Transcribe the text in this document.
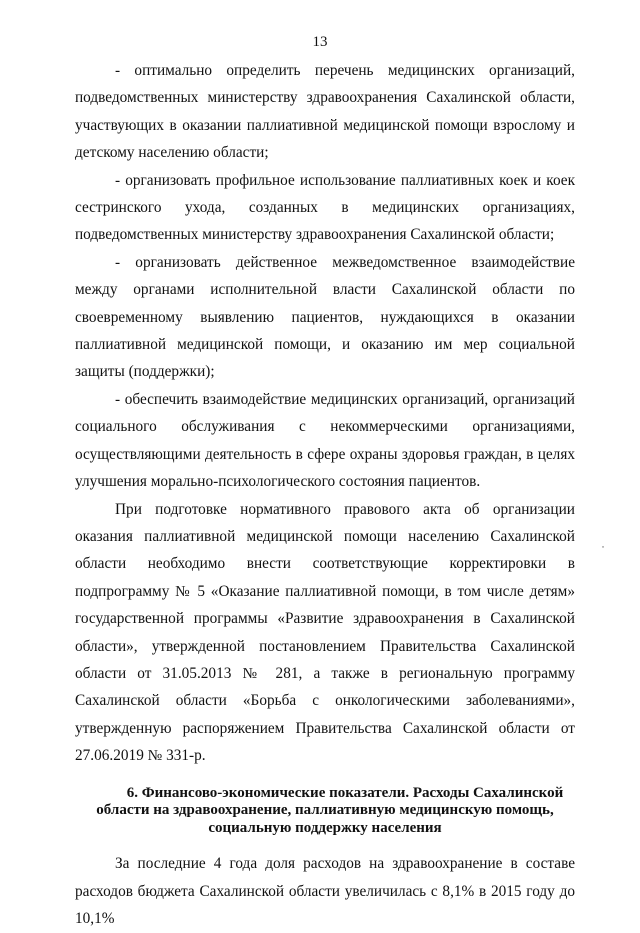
13

- оптимально определить перечень медицинских организаций, подведомственных министерству здравоохранения Сахалинской области, участвующих в оказании паллиативной медицинской помощи взрослому и детскому населению области;

- организовать профильное использование паллиативных коек и коек сестринского ухода, созданных в медицинских организациях, подведомственных министерству здравоохранения Сахалинской области;

- организовать действенное межведомственное взаимодействие между органами исполнительной власти Сахалинской области по своевременному выявлению пациентов, нуждающихся в оказании паллиативной медицинской помощи, и оказанию им мер социальной защиты (поддержки);

- обеспечить взаимодействие медицинских организаций, организаций социального обслуживания с некоммерческими организациями, осуществляющими деятельность в сфере охраны здоровья граждан, в целях улучшения морально-психологического состояния пациентов.

При подготовке нормативного правового акта об организации оказания паллиативной медицинской помощи населению Сахалинской области необходимо внести соответствующие корректировки в подпрограмму № 5 «Оказание паллиативной помощи, в том числе детям» государственной программы «Развитие здравоохранения в Сахалинской области», утвержденной постановлением Правительства Сахалинской области от 31.05.2013 № 281, а также в региональную программу Сахалинской области «Борьба с онкологическими заболеваниями», утвержденную распоряжением Правительства Сахалинской области от 27.06.2019 № 331-р.

6. Финансово-экономические показатели. Расходы Сахалинской области на здравоохранение, паллиативную медицинскую помощь, социальную поддержку населения

За последние 4 года доля расходов на здравоохранение в составе расходов бюджета Сахалинской области увеличилась с 8,1% в 2015 году до 10,1%

˙
